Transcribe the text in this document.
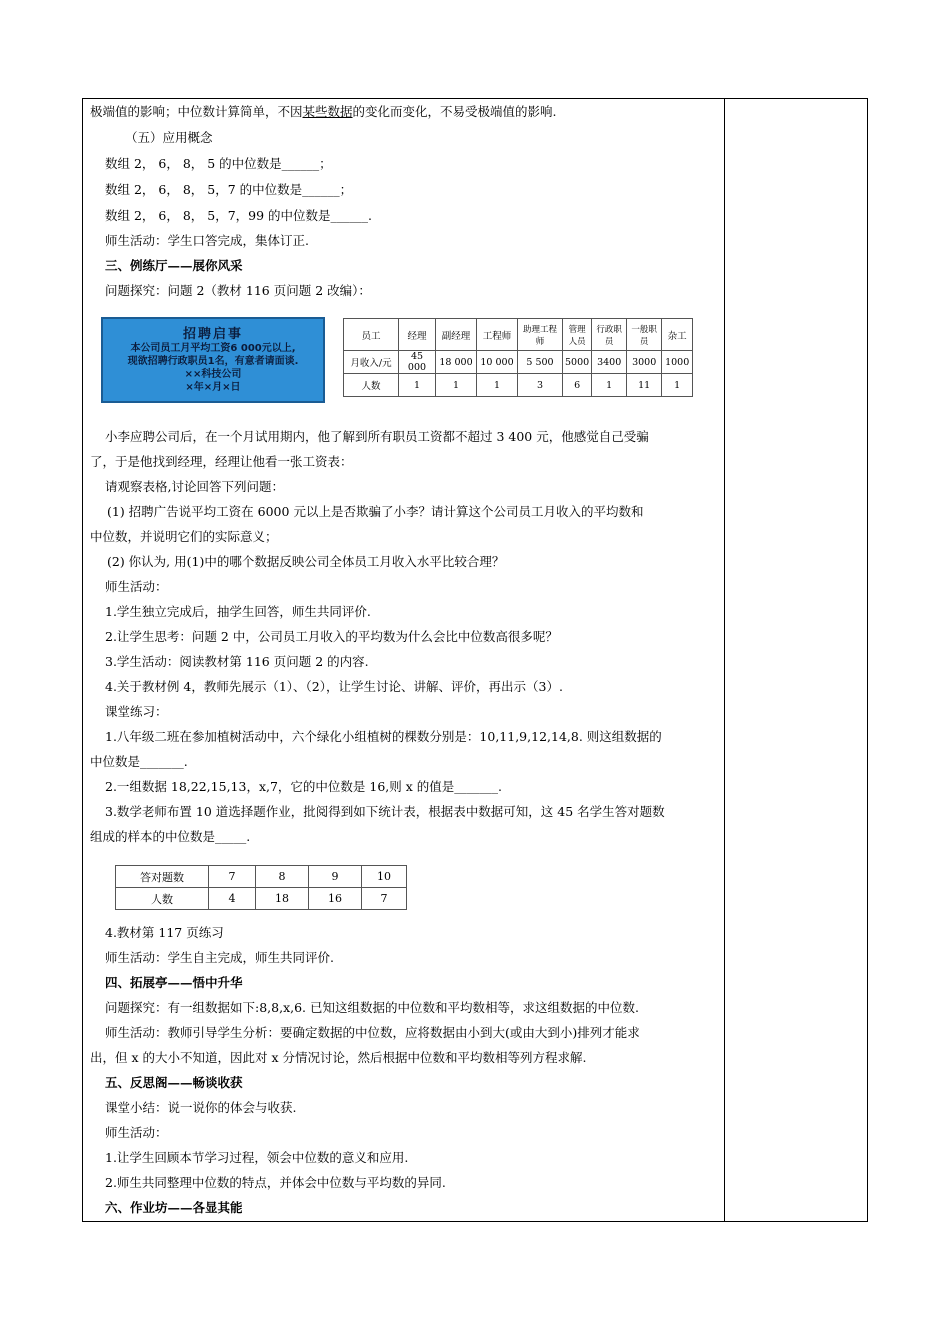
极端值的影响；中位数计算简单，不因某些数据的变化而变化，不易受极端值的影响.
（五）应用概念
数组 2， 6， 8， 5 的中位数是______；
数组 2， 6， 8， 5，7 的中位数是______；
数组 2， 6， 8， 5，7，99 的中位数是______.
师生活动：学生口答完成，集体订正.
三、例练厅——展你风采
问题探究：问题 2（教材 116 页问题 2 改编）：
招聘启事
本公司员工月平均工资6 000元以上,
现欲招聘行政职员1名，有意者请面谈.
××科技公司
×年×月×日
员工	经理	副经理	工程师	助理工程师	管理人员	行政职员	一般职员	杂工
月收入/元	45 000	18 000	10 000	5 500	5000	3400	3000	1000
人数	1	1	1	3	6	1	11	1
小李应聘公司后，在一个月试用期内，他了解到所有职员工资都不超过 3 400 元，他感觉自己受骗
了，于是他找到经理，经理让他看一张工资表：
请观察表格,讨论回答下列问题：
(1) 招聘广告说平均工资在 6000 元以上是否欺骗了小李？请计算这个公司员工月收入的平均数和
中位数，并说明它们的实际意义；
(2) 你认为, 用(1)中的哪个数据反映公司全体员工月收入水平比较合理？
师生活动：
1.学生独立完成后，抽学生回答，师生共同评价.
2.让学生思考：问题 2 中，公司员工月收入的平均数为什么会比中位数高很多呢？
3.学生活动：阅读教材第 116 页问题 2 的内容.
4.关于教材例 4，教师先展示（1）、（2），让学生讨论、讲解、评价，再出示（3）.
课堂练习：
1.八年级二班在参加植树活动中，六个绿化小组植树的棵数分别是：10,11,9,12,14,8. 则这组数据的
中位数是_______.
2.一组数据 18,22,15,13，x,7，它的中位数是 16,则 x 的值是_______.
3.数学老师布置 10 道选择题作业，批阅得到如下统计表，根据表中数据可知，这 45 名学生答对题数
组成的样本的中位数是_____.
答对题数	7	8	9	10
人数	4	18	16	7
4.教材第 117 页练习
师生活动：学生自主完成，师生共同评价.
四、拓展亭——悟中升华
问题探究：有一组数据如下:8,8,x,6. 已知这组数据的中位数和平均数相等，求这组数据的中位数.
师生活动：教师引导学生分析：要确定数据的中位数，应将数据由小到大(或由大到小)排列才能求
出，但 x 的大小不知道，因此对 x 分情况讨论，然后根据中位数和平均数相等列方程求解.
五、反思阁——畅谈收获
课堂小结：说一说你的体会与收获.
师生活动：
1.让学生回顾本节学习过程，领会中位数的意义和应用.
2.师生共同整理中位数的特点，并体会中位数与平均数的异同.
六、作业坊——各显其能
